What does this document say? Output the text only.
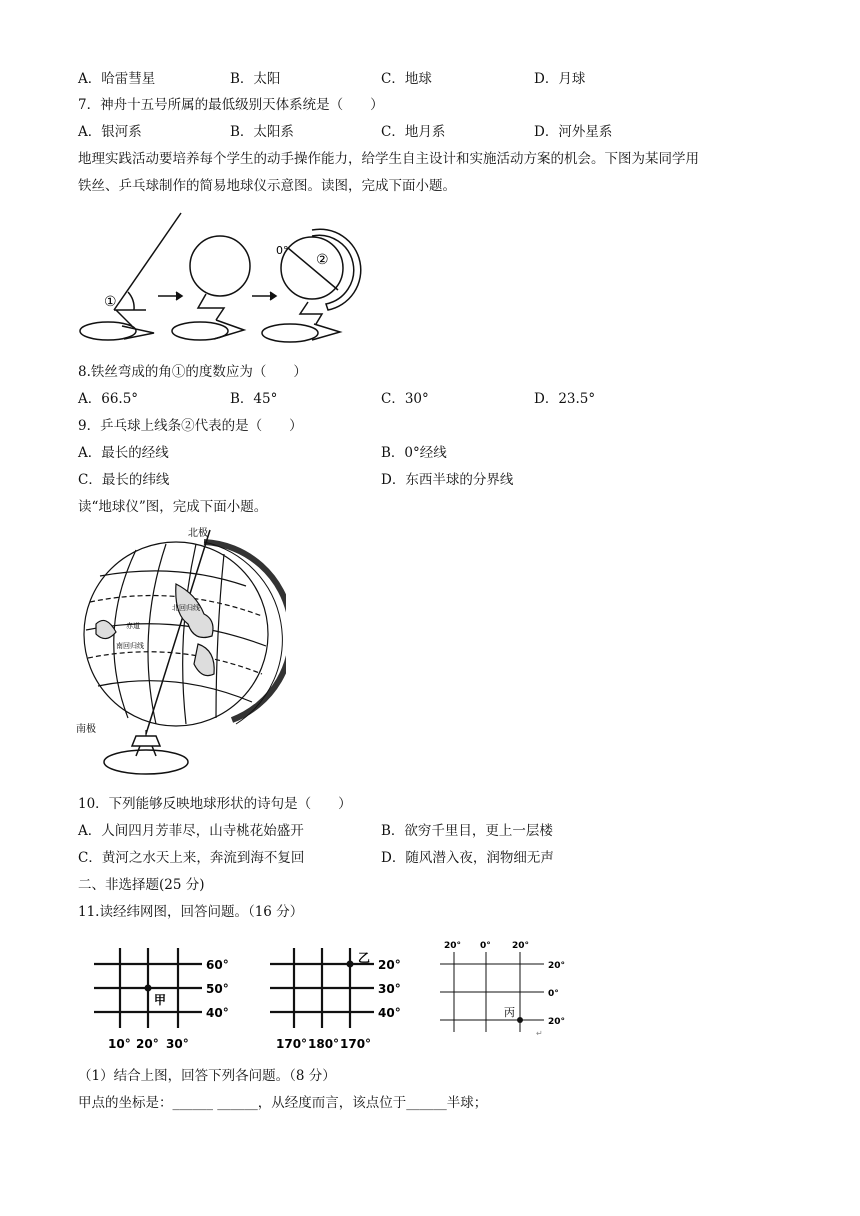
A．哈雷彗星	B．太阳	C．地球	D．月球
7．神舟十五号所属的最低级别天体系统是（　　）
A．银河系	B．太阳系	C．地月系	D．河外星系
地理实践活动要培养每个学生的动手操作能力，给学生自主设计和实施活动方案的机会。下图为某同学用
铁丝、乒乓球制作的简易地球仪示意图。读图，完成下面小题。
①
②
0°
8.铁丝弯成的角①的度数应为（　　）
A．66.5°	B．45°	C．30°	D．23.5°
9．乒乓球上线条②代表的是（　　）
A．最长的经线	B．0°经线
C．最长的纬线	D．东西半球的分界线
读“地球仪”图，完成下面小题。
北极
南极
赤道
北回归线
南回归线
10．下列能够反映地球形状的诗句是（　　）
A．人间四月芳菲尽，山寺桃花始盛开	B．欲穷千里目，更上一层楼
C．黄河之水天上来，奔流到海不复回	D．随风潜入夜，润物细无声
二、非选择题(25 分)
11.读经纬网图，回答问题。（16 分）
60°
50°
40°
10° 20° 30°
甲
20°
30°
40°
170° 180° 170°
乙
20° 0° 20°
20°
0°
20°
丙
↵
（1）结合上图，回答下列各问题。（8 分）
甲点的坐标是：______ ______，从经度而言，该点位于______半球；
